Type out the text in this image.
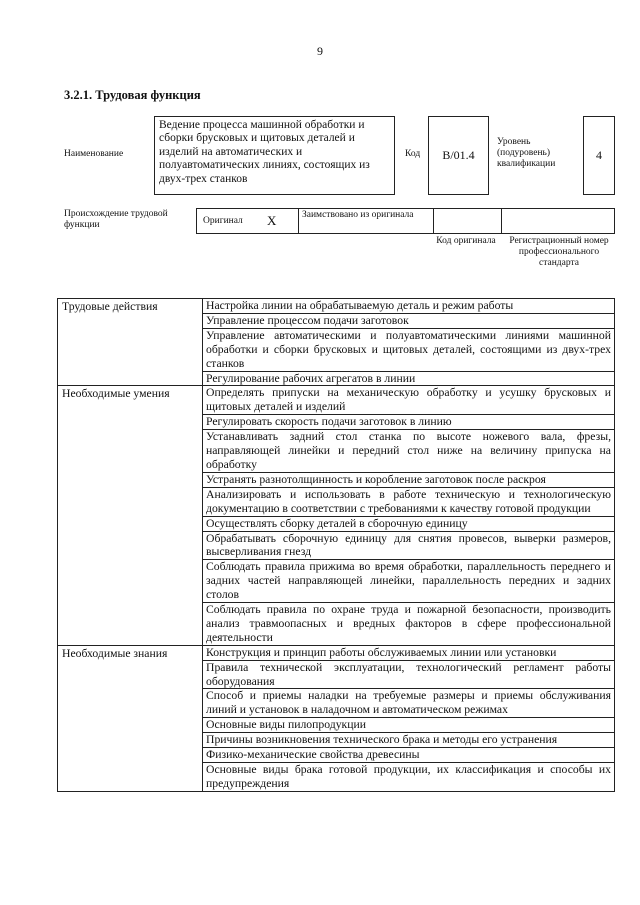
9
3.2.1. Трудовая функция
Наименование
Ведение процесса машинной обработки и сборки брусковых и щитовых деталей и изделий на автоматических и полуавтоматических линиях, состоящих из двух-трех станков
Код	B/01.4
Уровень (подуровень) квалификации
4
Происхождение трудовой функции	Оригинал X	Заимствовано из оригинала
Код оригинала	Регистрационный номер профессионального стандарта
Трудовые действия	Настройка линии на обрабатываемую деталь и режим работы
	Управление процессом подачи заготовок
	Управление автоматическими и полуавтоматическими линиями машинной обработки и сборки брусковых и щитовых деталей, состоящими из двух-трех станков
	Регулирование рабочих агрегатов в линии
Необходимые умения	Определять припуски на механическую обработку и усушку брусковых и щитовых деталей и изделий
	Регулировать скорость подачи заготовок в линию
	Устанавливать задний стол станка по высоте ножевого вала, фрезы, направляющей линейки и передний стол ниже на величину припуска на обработку
	Устранять разнотолщинность и коробление заготовок после раскроя
	Анализировать и использовать в работе техническую и технологическую документацию в соответствии с требованиями к качеству готовой продукции
	Осуществлять сборку деталей в сборочную единицу
	Обрабатывать сборочную единицу для снятия провесов, выверки размеров, высверливания гнезд
	Соблюдать правила прижима во время обработки, параллельность переднего и задних частей направляющей линейки, параллельность передних и задних столов
	Соблюдать правила по охране труда и пожарной безопасности, производить анализ травмоопасных и вредных факторов в сфере профессиональной деятельности
Необходимые знания	Конструкция и принцип работы обслуживаемых линии или установки
	Правила технической эксплуатации, технологический регламент работы оборудования
	Способ и приемы наладки на требуемые размеры и приемы обслуживания линий и установок в наладочном и автоматическом режимах
	Основные виды пилопродукции
	Причины возникновения технического брака и методы его устранения
	Физико-механические свойства древесины
	Основные виды брака готовой продукции, их классификация и способы их предупреждения
